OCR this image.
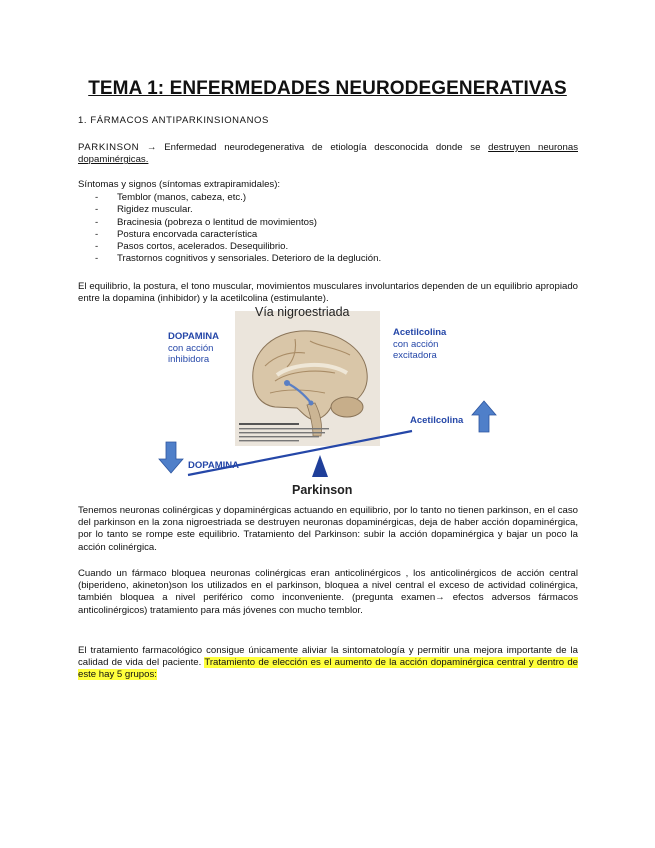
TEMA 1: ENFERMEDADES NEURODEGENERATIVAS
1. FÁRMACOS ANTIPARKINSIONANOS
PARKINSON → Enfermedad neurodegenerativa de etiología desconocida donde se destruyen neuronas dopaminérgicas.
Síntomas y signos (síntomas extrapiramidales):
- Temblor (manos, cabeza, etc.)
- Rigidez muscular.
- Bracinesia (pobreza o lentitud de movimientos)
- Postura encorvada característica
- Pasos cortos, acelerados. Desequilibrio.
- Trastornos cognitivos y sensoriales. Deterioro de la deglución.
El equilibrio, la postura, el tono muscular, movimientos musculares involuntarios dependen de un equilibrio apropiado entre la dopamina (inhibidor) y la acetilcolina (estimulante).
Vía nigroestriada
DOPAMINA
con acción
inhibidora
Acetilcolina
con acción
excitadora
Acetilcolina
DOPAMINA
Parkinson
Tenemos neuronas colinérgicas y dopaminérgicas actuando en equilibrio, por lo tanto no tienen parkinson, en el caso del parkinson en la zona nigroestriada se destruyen neuronas dopaminérgicas, deja de haber acción dopaminérgica, por lo tanto se rompe este equilibrio. Tratamiento del Parkinson: subir la acción dopaminérgica y bajar un poco la acción colinérgica.
Cuando un fármaco bloquea neuronas colinérgicas eran anticolinérgicos , los anticolinérgicos de acción central (biperideno, akineton)son los utilizados en el parkinson, bloquea a nivel central el exceso de actividad colinérgica, también bloquea a nivel periférico como inconveniente. (pregunta examen→ efectos adversos fármacos anticolinérgicos) tratamiento para más jóvenes con mucho temblor.
El tratamiento farmacológico consigue únicamente aliviar la sintomatología y permitir una mejora importante de la calidad de vida del paciente. Tratamiento de elección es el aumento de la acción dopaminérgica central y dentro de este hay 5 grupos:
